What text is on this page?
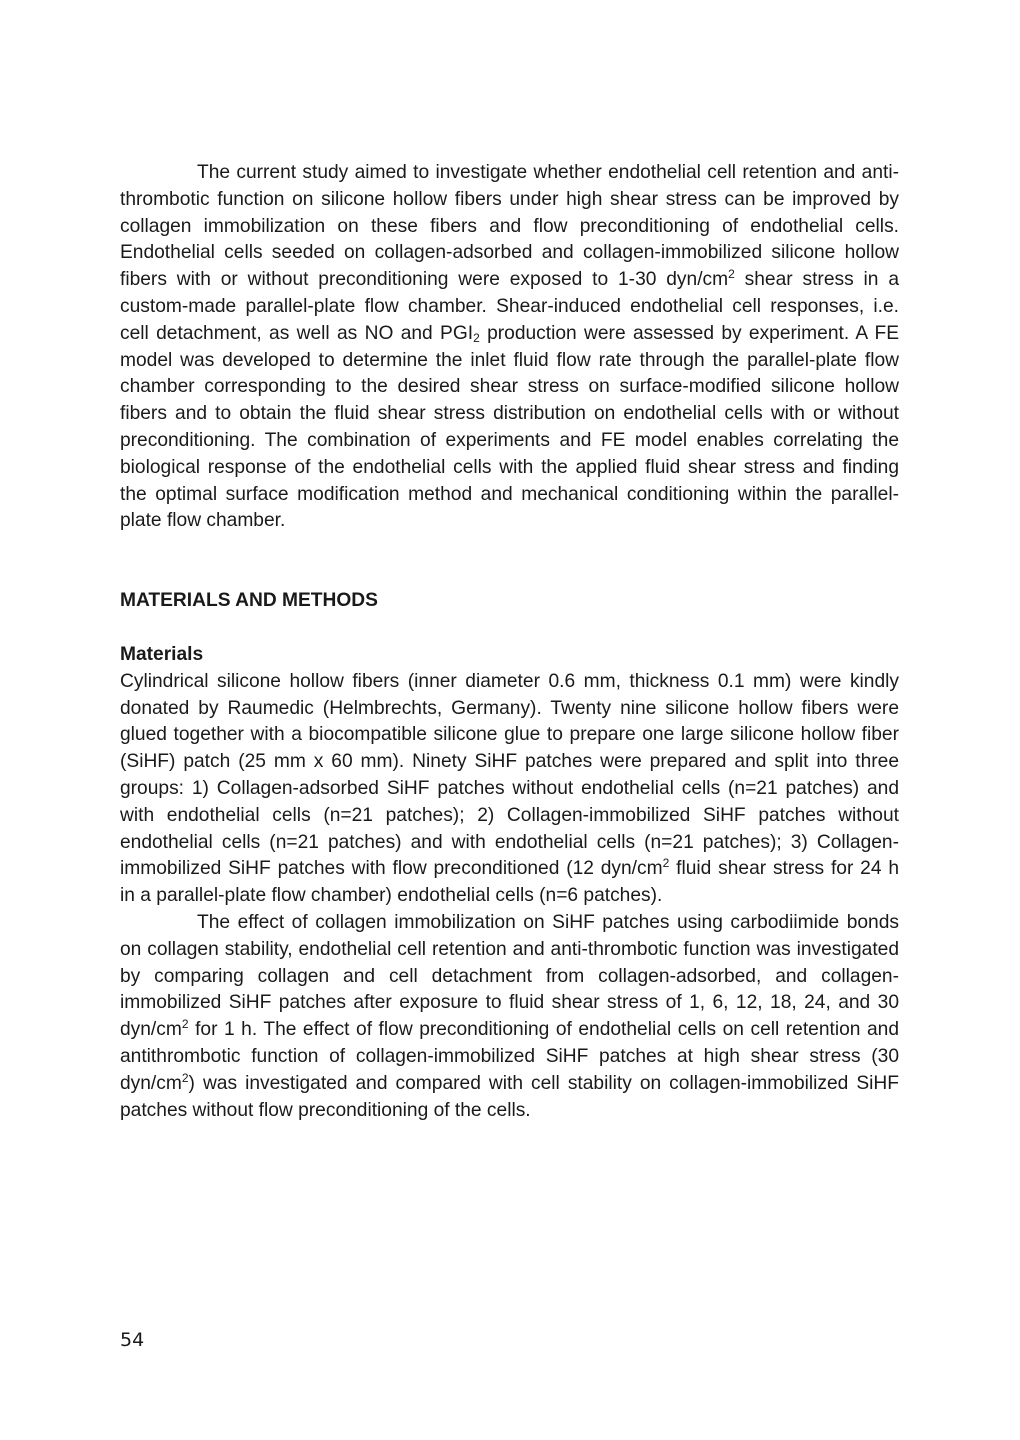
The current study aimed to investigate whether endothelial cell retention and anti-thrombotic function on silicone hollow fibers under high shear stress can be improved by collagen immobilization on these fibers and flow preconditioning of endothelial cells. Endothelial cells seeded on collagen-adsorbed and collagen-immobilized silicone hollow fibers with or without preconditioning were exposed to 1-30 dyn/$cm^2$ shear stress in a custom-made parallel-plate flow chamber. Shear-induced endothelial cell responses, i.e. cell detachment, as well as NO and $PGI_2$ production were assessed by experiment. A FE model was developed to determine the inlet fluid flow rate through the parallel-plate flow chamber corresponding to the desired shear stress on surface-modified silicone hollow fibers and to obtain the fluid shear stress distribution on endothelial cells with or without preconditioning. The combination of experiments and FE model enables correlating the biological response of the endothelial cells with the applied fluid shear stress and finding the optimal surface modification method and mechanical conditioning within the parallel-plate flow chamber.

MATERIALS AND METHODS
Materials

Cylindrical silicone hollow fibers (inner diameter 0.6 mm, thickness 0.1 mm) were kindly donated by Raumedic (Helmbrechts, Germany). Twenty nine silicone hollow fibers were glued together with a biocompatible silicone glue to prepare one large silicone hollow fiber (SiHF) patch (25 mm x 60 mm). Ninety SiHF patches were prepared and split into three groups: 1) Collagen-adsorbed SiHF patches without endothelial cells (n=21 patches) and with endothelial cells (n=21 patches); 2) Collagen-immobilized SiHF patches without endothelial cells (n=21 patches) and with endothelial cells (n=21 patches); 3) Collagen-immobilized SiHF patches with flow preconditioned (12 dyn/$cm^2$ fluid shear stress for 24 h in a parallel-plate flow chamber) endothelial cells (n=6 patches).

The effect of collagen immobilization on SiHF patches using carbodiimide bonds on collagen stability, endothelial cell retention and anti-thrombotic function was investigated by comparing collagen and cell detachment from collagen-adsorbed, and collagen-immobilized SiHF patches after exposure to fluid shear stress of 1, 6, 12, 18, 24, and 30 dyn/$cm^2$ for 1 h. The effect of flow preconditioning of endothelial cells on cell retention and antithrombotic function of collagen-immobilized SiHF patches at high shear stress (30 dyn/$cm^2$) was investigated and compared with cell stability on collagen-immobilized SiHF patches without flow preconditioning of the cells.

54
